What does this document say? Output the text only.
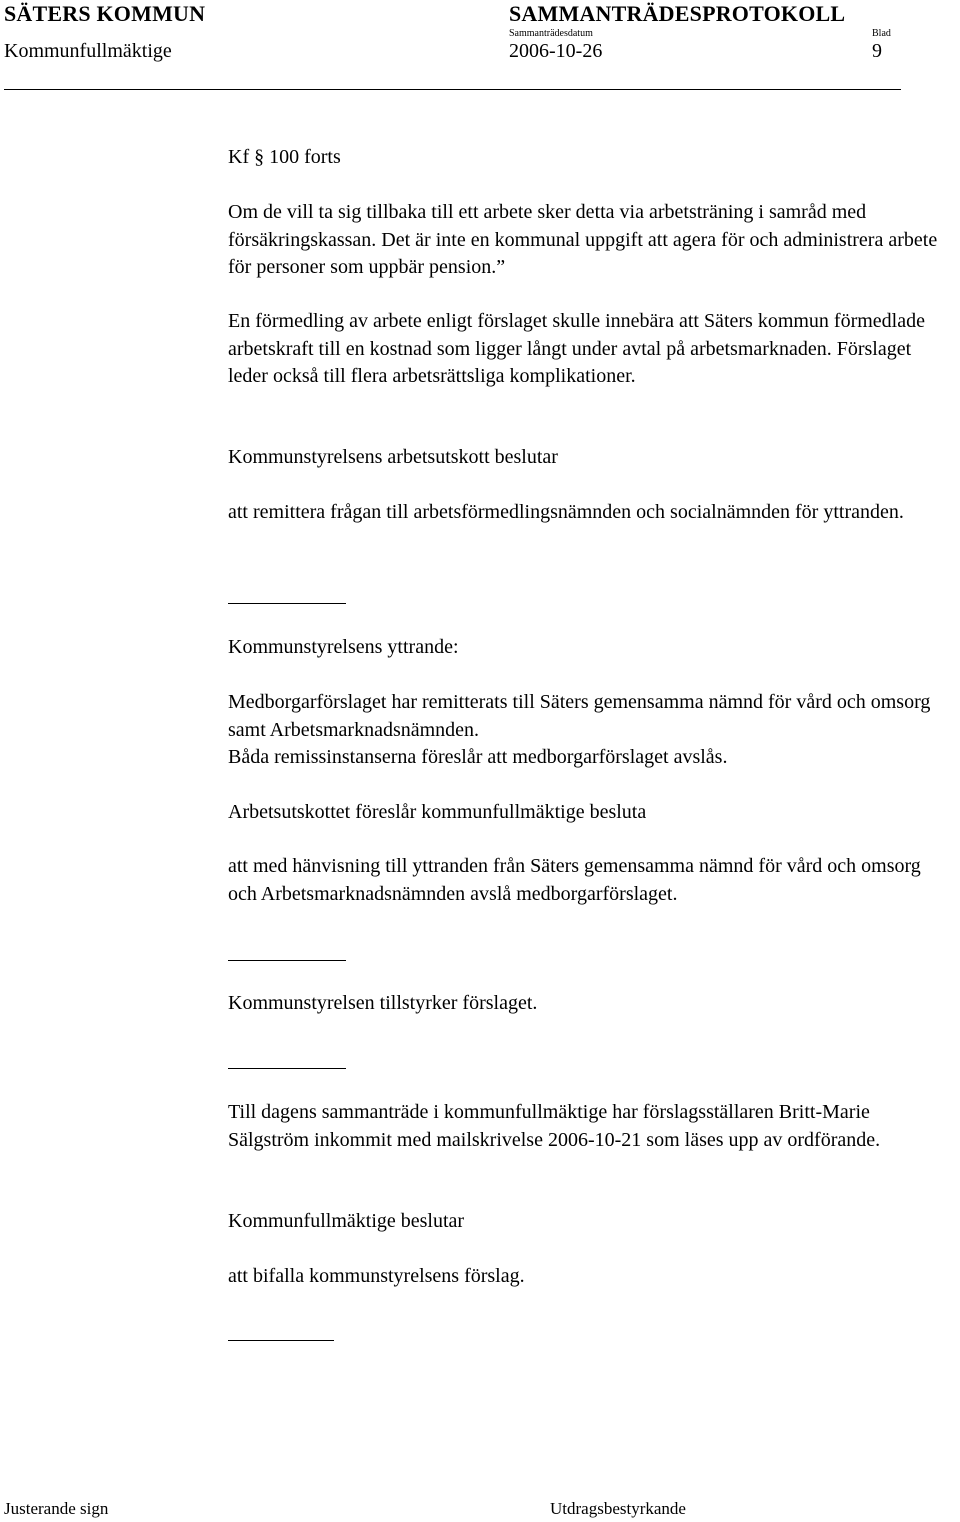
SÄTERS KOMMUN	SAMMANTRÄDESPROTOKOLL
Sammanträdesdatum	Blad
Kommunfullmäktige	2006-10-26	9

Kf § 100 forts

Om de vill ta sig tillbaka till ett arbete sker detta via arbetsträning i samråd med försäkringskassan. Det är inte en kommunal uppgift att agera för och administrera arbete för personer som uppbär pension.”

En förmedling av arbete enligt förslaget skulle innebära att Säters kommun förmedlade arbetskraft till en kostnad som ligger långt under avtal på arbetsmarknaden. Förslaget leder också till flera arbetsrättsliga komplikationer.

Kommunstyrelsens arbetsutskott beslutar

att remittera frågan till arbetsförmedlingsnämnden och socialnämnden för yttranden.

Kommunstyrelsens yttrande:

Medborgarförslaget har remitterats till Säters gemensamma nämnd för vård och omsorg samt Arbetsmarknadsnämnden.

Båda remissinstanserna föreslår att medborgarförslaget avslås.

Arbetsutskottet föreslår kommunfullmäktige besluta

att med hänvisning till yttranden från Säters gemensamma nämnd för vård och omsorg och Arbetsmarknadsnämnden avslå medborgarförslaget.

Kommunstyrelsen tillstyrker förslaget.

Till dagens sammanträde i kommunfullmäktige har förslagsställaren Britt-Marie Sälgström inkommit med mailskrivelse 2006-10-21 som läses upp av ordförande.

Kommunfullmäktige beslutar

att bifalla kommunstyrelsens förslag.

Justerande sign	Utdragsbestyrkande
